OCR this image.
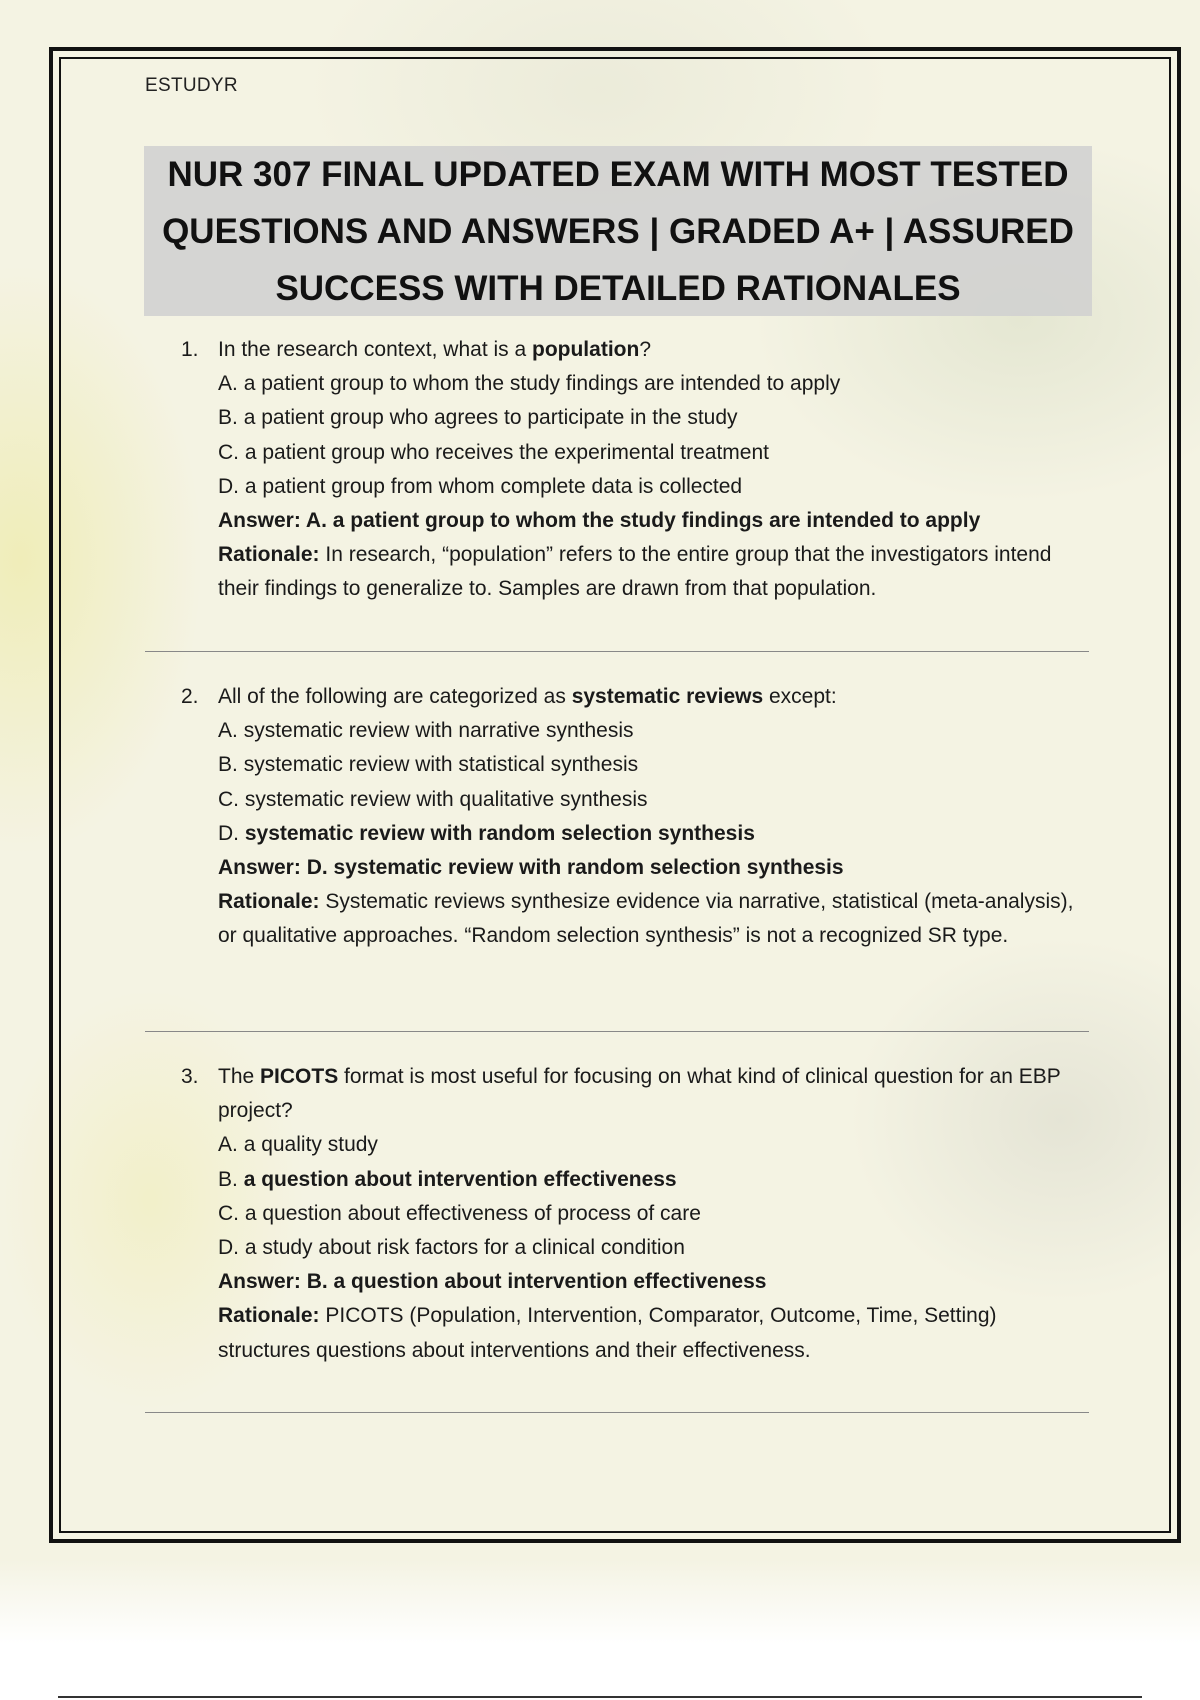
ESTUDYR
NUR 307 FINAL UPDATED EXAM WITH MOST TESTED QUESTIONS AND ANSWERS | GRADED A+ | ASSURED SUCCESS WITH DETAILED RATIONALES
1. In the research context, what is a population?
A. a patient group to whom the study findings are intended to apply
B. a patient group who agrees to participate in the study
C. a patient group who receives the experimental treatment
D. a patient group from whom complete data is collected
Answer: A. a patient group to whom the study findings are intended to apply
Rationale: In research, “population” refers to the entire group that the investigators intend their findings to generalize to. Samples are drawn from that population.
2. All of the following are categorized as systematic reviews except:
A. systematic review with narrative synthesis
B. systematic review with statistical synthesis
C. systematic review with qualitative synthesis
D. systematic review with random selection synthesis
Answer: D. systematic review with random selection synthesis
Rationale: Systematic reviews synthesize evidence via narrative, statistical (meta-analysis), or qualitative approaches. “Random selection synthesis” is not a recognized SR type.
3. The PICOTS format is most useful for focusing on what kind of clinical question for an EBP project?
A. a quality study
B. a question about intervention effectiveness
C. a question about effectiveness of process of care
D. a study about risk factors for a clinical condition
Answer: B. a question about intervention effectiveness
Rationale: PICOTS (Population, Intervention, Comparator, Outcome, Time, Setting) structures questions about interventions and their effectiveness.
